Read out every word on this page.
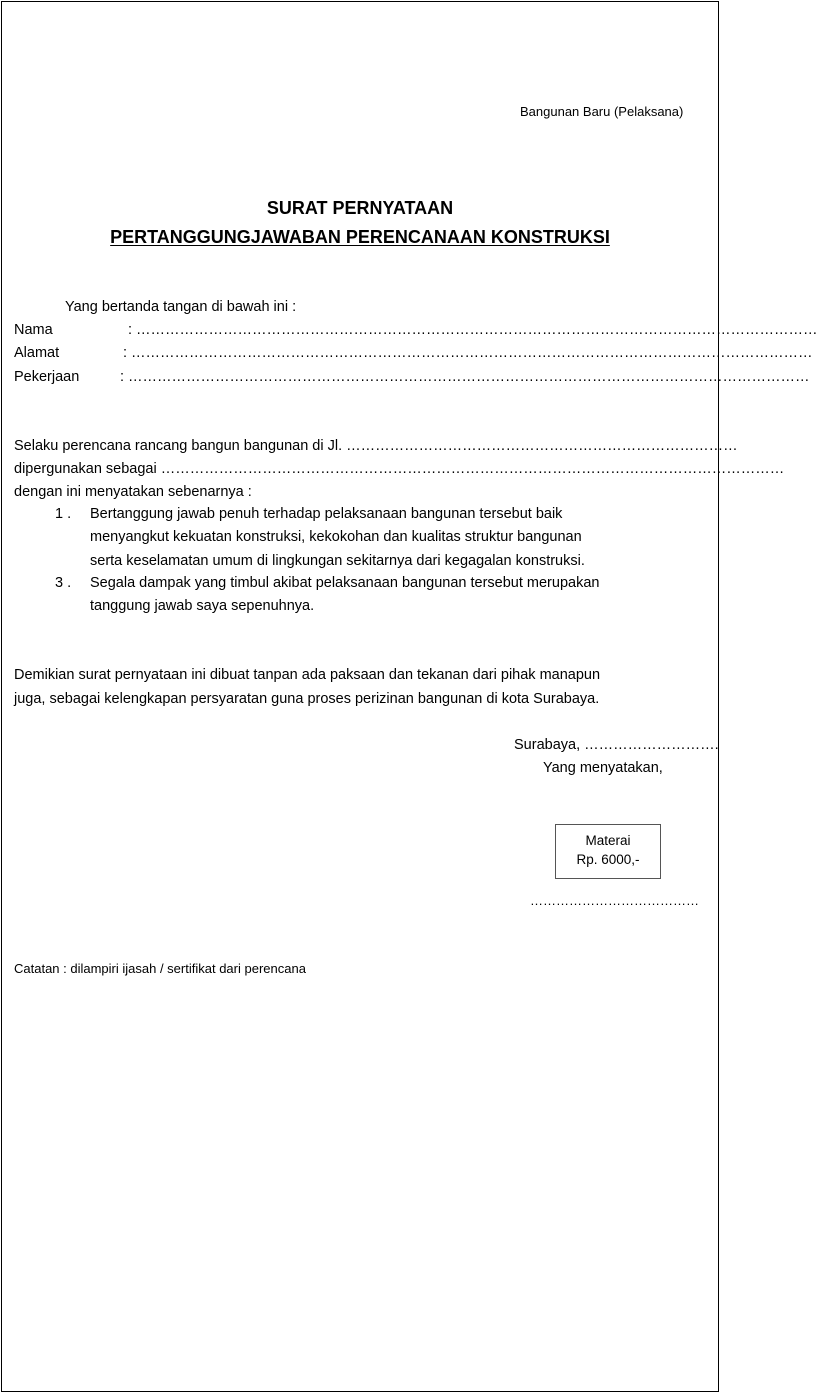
Bangunan Baru (Pelaksana)
SURAT PERNYATAAN
PERTANGGUNGJAWABAN PERENCANAAN KONSTRUKSI
Yang bertanda tangan di bawah ini :
Nama	: ……………………………………………………………………………………………………………………………
Alamat	: ……………………………………………………………………………………………………………………………
Pekerjaan	: ……………………………………………………………………………………………………………………………
Selaku perencana rancang bangun bangunan di Jl. ………………………………………………………………………
dipergunakan sebagai …………………………………………………………………………………………………………………
dengan ini menyatakan sebenarnya :
1 . Bertanggung jawab penuh terhadap pelaksanaan bangunan tersebut baik
menyangkut kekuatan konstruksi, kekokohan dan kualitas struktur bangunan
serta keselamatan umum di lingkungan sekitarnya dari kegagalan konstruksi.
3 . Segala dampak yang timbul akibat pelaksanaan bangunan tersebut merupakan
tanggung jawab saya sepenuhnya.
Demikian surat pernyataan ini dibuat tanpan ada paksaan dan tekanan dari pihak manapun
juga, sebagai kelengkapan persyaratan guna proses perizinan bangunan di kota Surabaya.
Surabaya, ……………………….
Yang menyatakan,
Materai
Rp. 6000,-
…………………………………
Catatan : dilampiri ijasah / sertifikat dari perencana
